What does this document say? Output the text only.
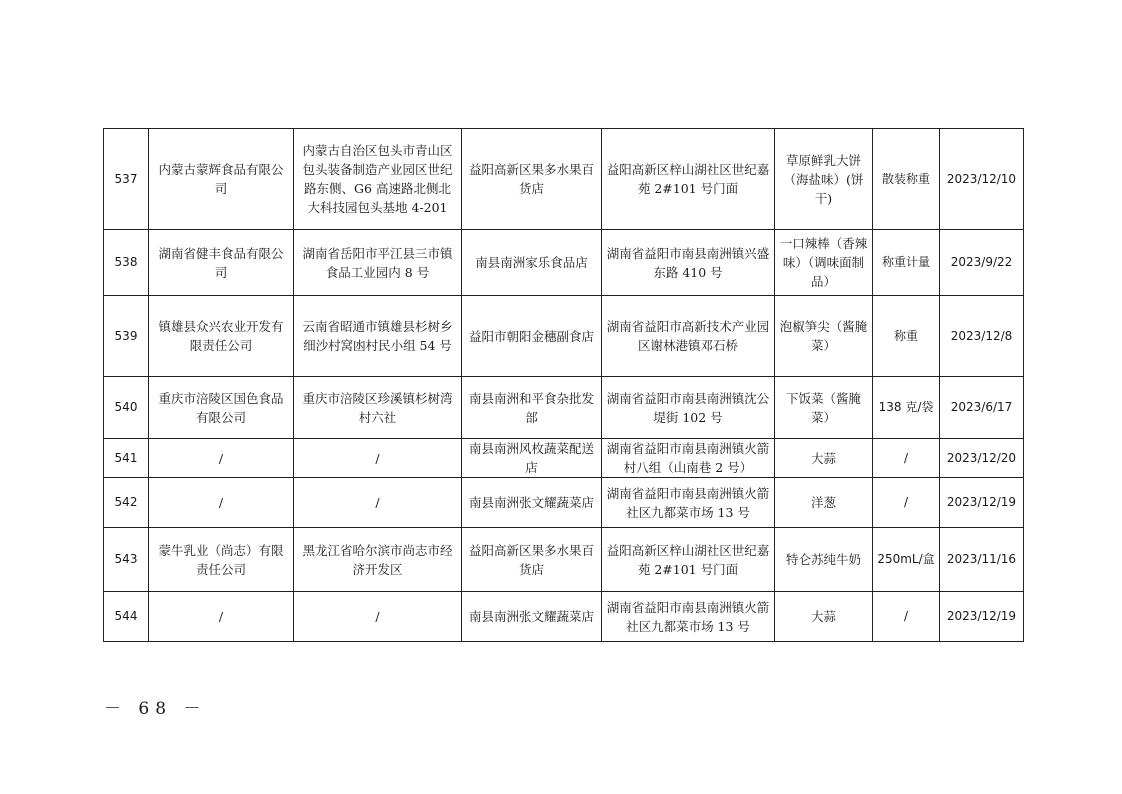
537	内蒙古蒙辉食品有限公司	内蒙古自治区包头市青山区包头装备制造产业园区世纪路东侧、G6 高速路北侧北大科技园包头基地 4-201	益阳高新区果多水果百货店	益阳高新区梓山湖社区世纪嘉苑 2#101 号门面	草原鲜乳大饼（海盐味）(饼干)	散装称重	2023/12/10
538	湖南省健丰食品有限公司	湖南省岳阳市平江县三市镇食品工业园内 8 号	南县南洲家乐食品店	湖南省益阳市南县南洲镇兴盛东路 410 号	一口辣棒（香辣味）（调味面制品）	称重计量	2023/9/22
539	镇雄县众兴农业开发有限责任公司	云南省昭通市镇雄县杉树乡细沙村窝凼村民小组 54 号	益阳市朝阳金穗副食店	湖南省益阳市高新技术产业园区谢林港镇邓石桥	泡椒笋尖（酱腌菜）	称重	2023/12/8
540	重庆市涪陵区国色食品有限公司	重庆市涪陵区珍溪镇杉树湾村六社	南县南洲和平食杂批发部	湖南省益阳市南县南洲镇沈公堤街 102 号	下饭菜（酱腌菜）	138 克/袋	2023/6/17
541	/	/	南县南洲风枚蔬菜配送店	湖南省益阳市南县南洲镇火箭村八组（山南巷 2 号）	大蒜	/	2023/12/20
542	/	/	南县南洲张文耀蔬菜店	湖南省益阳市南县南洲镇火箭社区九都菜市场 13 号	洋葱	/	2023/12/19
543	蒙牛乳业（尚志）有限责任公司	黑龙江省哈尔滨市尚志市经济开发区	益阳高新区果多水果百货店	益阳高新区梓山湖社区世纪嘉苑 2#101 号门面	特仑苏纯牛奶	250mL/盒	2023/11/16
544	/	/	南县南洲张文耀蔬菜店	湖南省益阳市南县南洲镇火箭社区九都菜市场 13 号	大蒜	/	2023/12/19
－ 68 －
